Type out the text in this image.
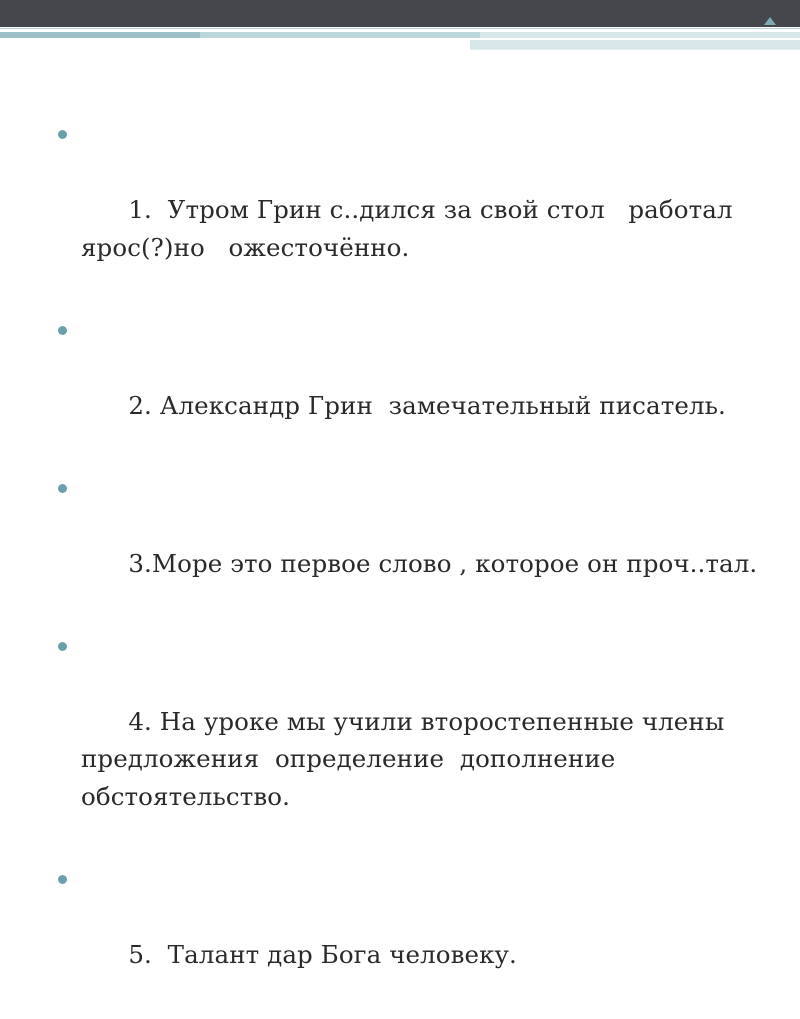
1.  Утром Грин с..дился за свой стол   работал яроc(?)но   ожесточённо.

2. Александр Грин  замечательный писатель.

3.Море это первое слово , которое он проч..тал.

4. На уроке мы учили второстепенные члены предложения  определение  дополнение обстоятельство.

5.  Талант дар Бога человеку.
